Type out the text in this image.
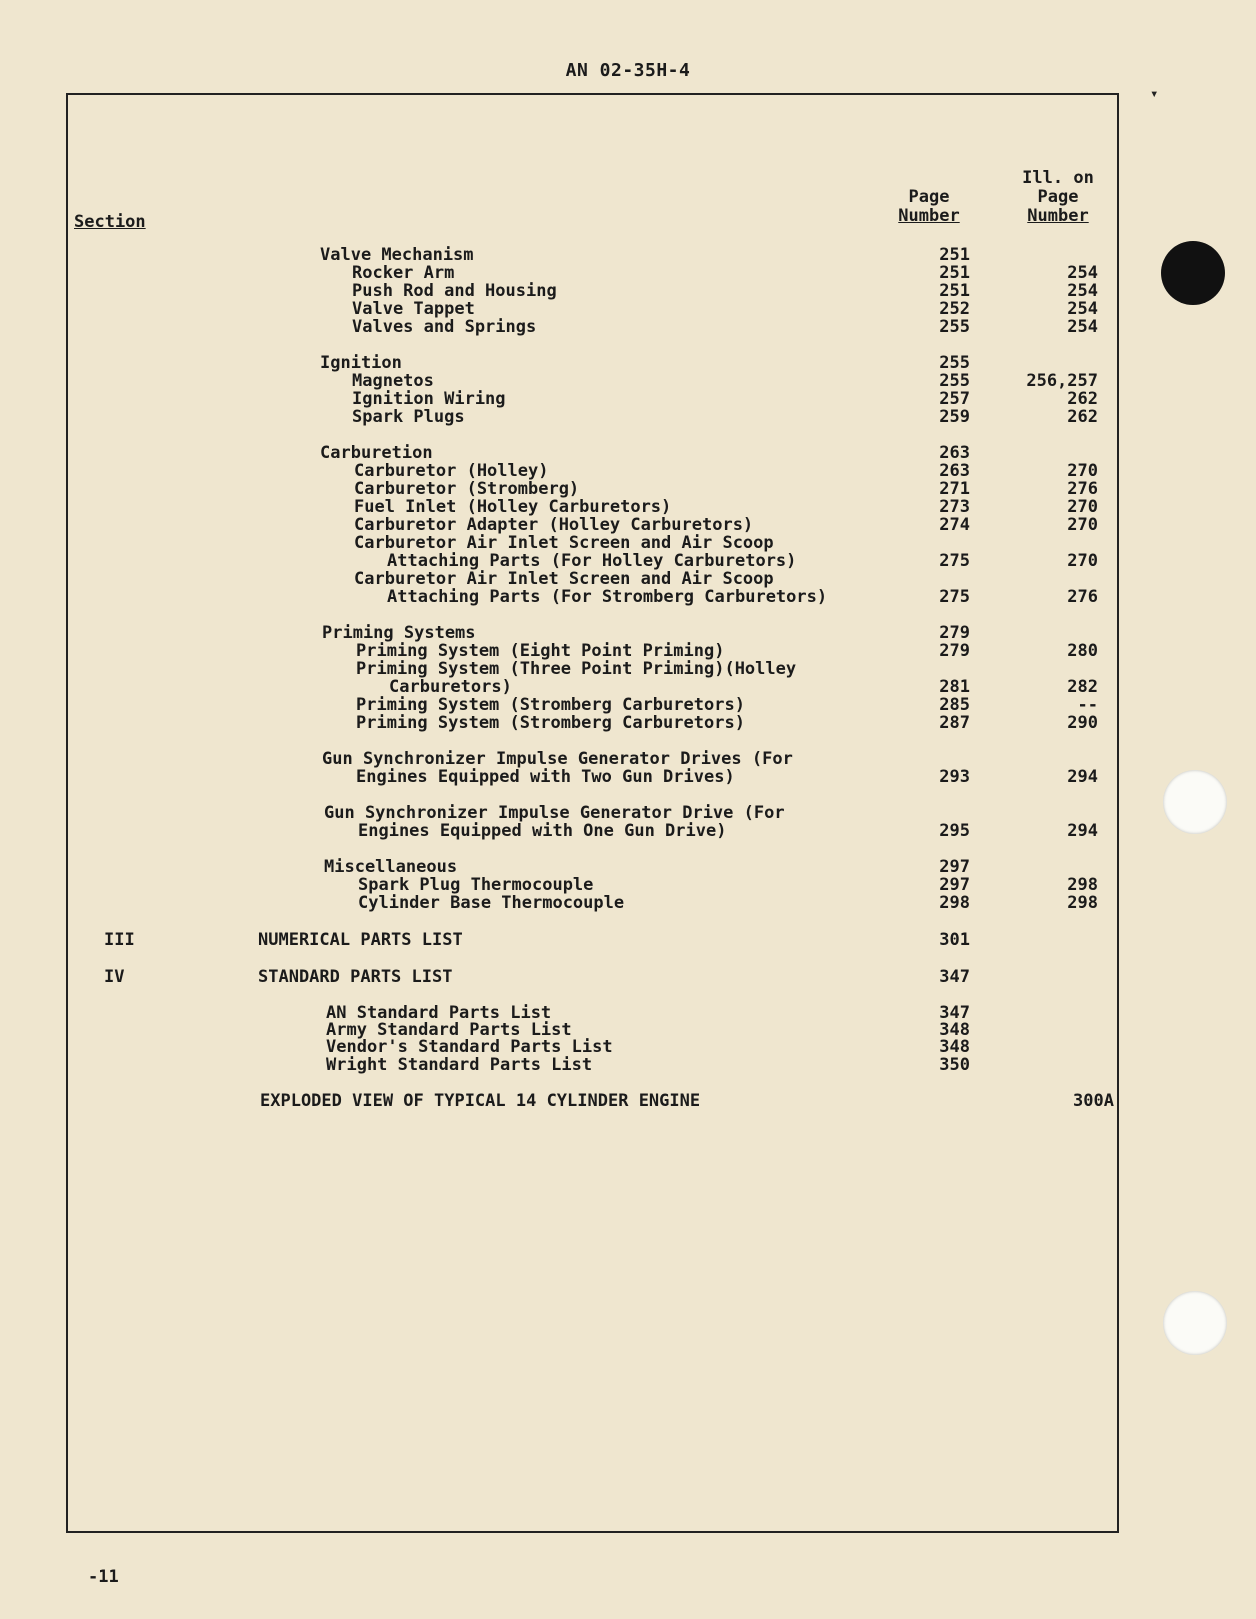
AN 02-35H-4
▾
Section
Page
Number
Ill. on
Page
Number
Valve Mechanism	251
Rocker Arm	251	254
Push Rod and Housing	251	254
Valve Tappet	252	254
Valves and Springs	255	254
Ignition	255
Magnetos	255	256,257
Ignition Wiring	257	262
Spark Plugs	259	262
Carburetion	263
Carburetor (Holley)	263	270
Carburetor (Stromberg)	271	276
Fuel Inlet (Holley Carburetors)	273	270
Carburetor Adapter (Holley Carburetors)	274	270
Carburetor Air Inlet Screen and Air Scoop
Attaching Parts (For Holley Carburetors)	275	270
Carburetor Air Inlet Screen and Air Scoop
Attaching Parts (For Stromberg Carburetors)	275	276
Priming Systems	279
Priming System (Eight Point Priming)	279	280
Priming System (Three Point Priming)(Holley
Carburetors)	281	282
Priming System (Stromberg Carburetors)	285	--
Priming System (Stromberg Carburetors)	287	290
Gun Synchronizer Impulse Generator Drives (For
Engines Equipped with Two Gun Drives)	293	294
Gun Synchronizer Impulse Generator Drive (For
Engines Equipped with One Gun Drive)	295	294
Miscellaneous	297
Spark Plug Thermocouple	297	298
Cylinder Base Thermocouple	298	298
III	NUMERICAL PARTS LIST	301
IV	STANDARD PARTS LIST	347
AN Standard Parts List	347
Army Standard Parts List	348
Vendor's Standard Parts List	348
Wright Standard Parts List	350
EXPLODED VIEW OF TYPICAL 14 CYLINDER ENGINE	300A
-11
